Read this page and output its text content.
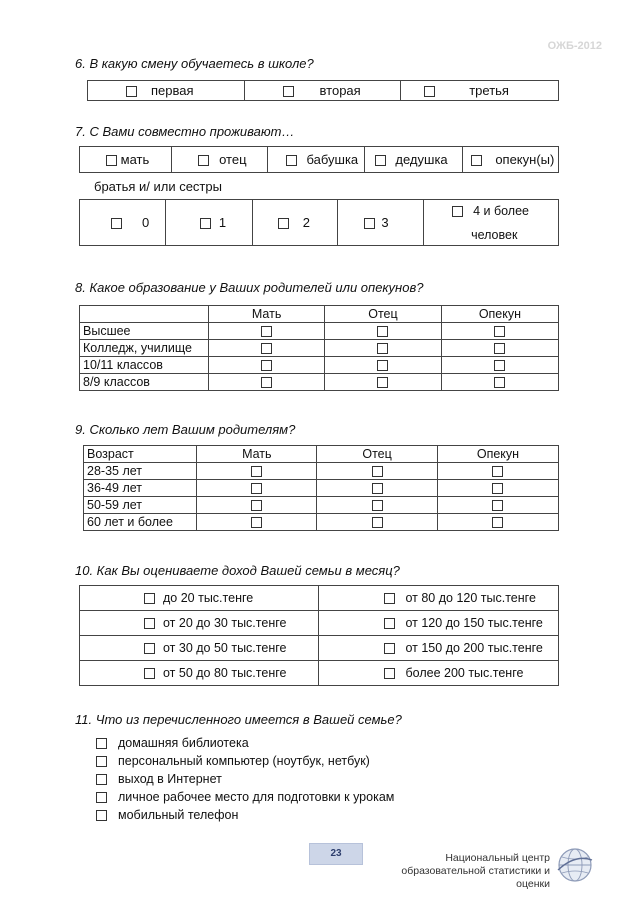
ОЖБ-2012
6. В какую смену обучаетесь в школе?
первая	вторая	третья
7. С Вами совместно проживают…
мать	отец	бабушка	дедушка	опекун(ы)
братья и/ или сестры
0	1	2	3	
4 и более
человек
8. Какое образование у Ваших родителей или опекунов?
	Мать	Отец	Опекун
Высшее			
Колледж, училище			
10/11 классов			
8/9 классов			
9. Сколько лет Вашим родителям?
Возраст	Мать	Отец	Опекун
28-35 лет			
36-49 лет			
50-59 лет			
60 лет и более			
10. Как Вы оцениваете доход Вашей семьи в месяц?
до 20 тыс.тенге	от 80 до 120 тыс.тенге
от 20 до 30 тыс.тенге	от 120 до 150 тыс.тенге
от 30 до 50 тыс.тенге	от 150 до 200 тыс.тенге
от 50 до 80 тыс.тенге	более 200 тыс.тенге
11. Что из перечисленного имеется в Вашей семье?
домашняя библиотека
персональный компьютер (ноутбук, нетбук)
выход в Интернет
личное рабочее место для подготовки к урокам
мобильный телефон
23	Национальный центр
образовательной статистики и оценки
